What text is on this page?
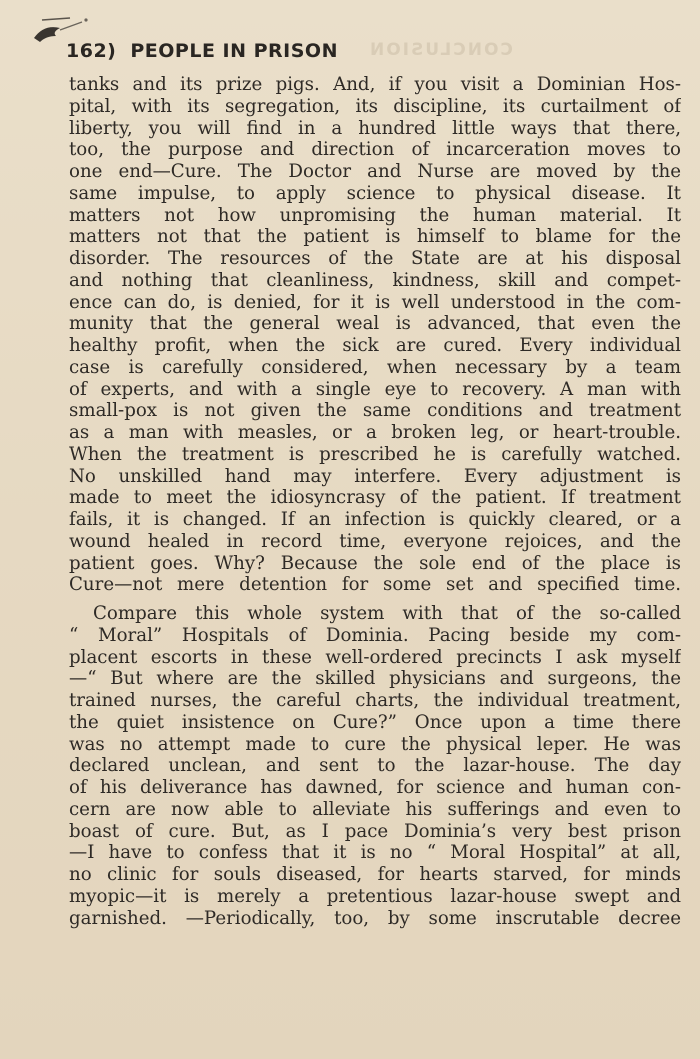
162) PEOPLE IN PRISON CONCLUSION
tanks and its prize pigs. And, if you visit a Dominian Hos-
pital, with its segregation, its discipline, its curtailment of
liberty, you will find in a hundred little ways that there,
too, the purpose and direction of incarceration moves to
one end—Cure. The Doctor and Nurse are moved by the
same impulse, to apply science to physical disease. It
matters not how unpromising the human material. It
matters not that the patient is himself to blame for the
disorder. The resources of the State are at his disposal
and nothing that cleanliness, kindness, skill and compet-
ence can do, is denied, for it is well understood in the com-
munity that the general weal is advanced, that even the
healthy profit, when the sick are cured. Every individual
case is carefully considered, when necessary by a team
of experts, and with a single eye to recovery. A man with
small-pox is not given the same conditions and treatment
as a man with measles, or a broken leg, or heart-trouble.
When the treatment is prescribed he is carefully watched.
No unskilled hand may interfere. Every adjustment is
made to meet the idiosyncrasy of the patient. If treatment
fails, it is changed. If an infection is quickly cleared, or a
wound healed in record time, everyone rejoices, and the
patient goes. Why? Because the sole end of the place is
Cure—not mere detention for some set and specified time.
Compare this whole system with that of the so-called
“ Moral” Hospitals of Dominia. Pacing beside my com-
placent escorts in these well-ordered precincts I ask myself
—“ But where are the skilled physicians and surgeons, the
trained nurses, the careful charts, the individual treatment,
the quiet insistence on Cure?” Once upon a time there
was no attempt made to cure the physical leper. He was
declared unclean, and sent to the lazar-house. The day
of his deliverance has dawned, for science and human con-
cern are now able to alleviate his sufferings and even to
boast of cure. But, as I pace Dominia’s very best prison
—I have to confess that it is no “ Moral Hospital” at all,
no clinic for souls diseased, for hearts starved, for minds
myopic—it is merely a pretentious lazar-house swept and
garnished. —Periodically, too, by some inscrutable decree
